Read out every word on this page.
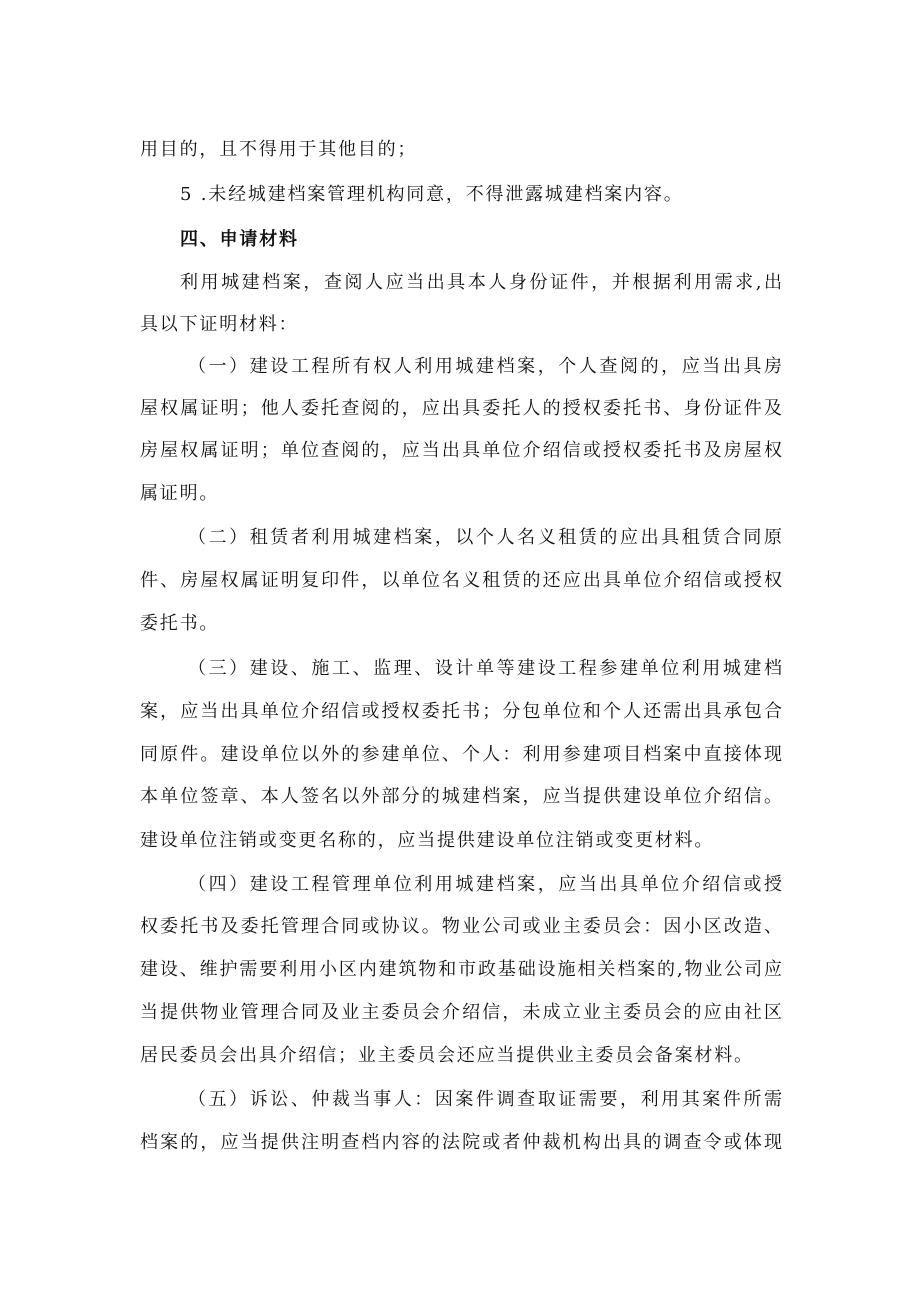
用目的，且不得用于其他目的；
5 .未经城建档案管理机构同意，不得泄露城建档案内容。
四、申请材料
利用城建档案，查阅人应当出具本人身份证件，并根据利用需求,出
具以下证明材料：
（一）建设工程所有权人利用城建档案，个人查阅的，应当出具房
屋权属证明；他人委托查阅的，应出具委托人的授权委托书、身份证件及
房屋权属证明；单位查阅的，应当出具单位介绍信或授权委托书及房屋权
属证明。
（二）租赁者利用城建档案，以个人名义租赁的应出具租赁合同原
件、房屋权属证明复印件，以单位名义租赁的还应出具单位介绍信或授权
委托书。
（三）建设、施工、监理、设计单等建设工程参建单位利用城建档
案，应当出具单位介绍信或授权委托书；分包单位和个人还需出具承包合
同原件。建设单位以外的参建单位、个人：利用参建项目档案中直接体现
本单位签章、本人签名以外部分的城建档案，应当提供建设单位介绍信。
建设单位注销或变更名称的，应当提供建设单位注销或变更材料。
（四）建设工程管理单位利用城建档案，应当出具单位介绍信或授
权委托书及委托管理合同或协议。物业公司或业主委员会：因小区改造、
建设、维护需要利用小区内建筑物和市政基础设施相关档案的,物业公司应
当提供物业管理合同及业主委员会介绍信，未成立业主委员会的应由社区
居民委员会出具介绍信；业主委员会还应当提供业主委员会备案材料。
（五）诉讼、仲裁当事人：因案件调查取证需要，利用其案件所需
档案的，应当提供注明查档内容的法院或者仲裁机构出具的调查令或体现
